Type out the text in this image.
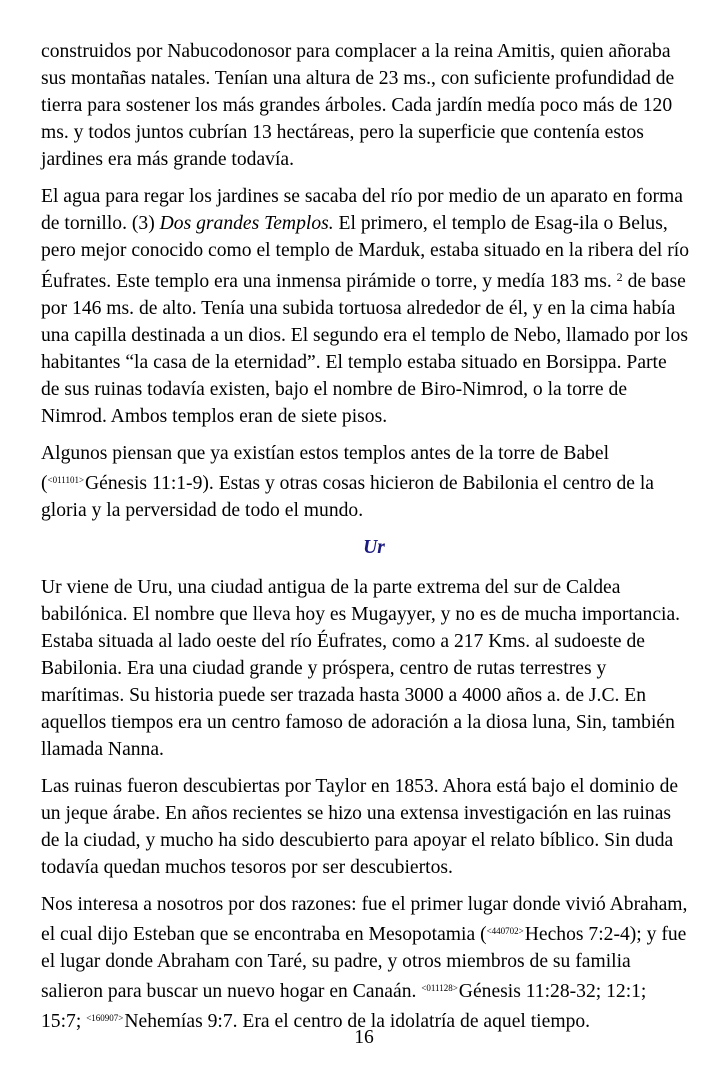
construidos por Nabucodonosor para complacer a la reina Amitis, quien añoraba sus montañas natales. Tenían una altura de 23 ms., con suficiente profundidad de tierra para sostener los más grandes árboles. Cada jardín medía poco más de 120 ms. y todos juntos cubrían 13 hectáreas, pero la superficie que contenía estos jardines era más grande todavía.

El agua para regar los jardines se sacaba del río por medio de un aparato en forma de tornillo. (3) Dos grandes Templos. El primero, el templo de Esag-ila o Belus, pero mejor conocido como el templo de Marduk, estaba situado en la ribera del río Éufrates. Este templo era una inmensa pirámide o torre, y medía 183 ms. $^2$ de base por 146 ms. de alto. Tenía una subida tortuosa alrededor de él, y en la cima había una capilla destinada a un dios. El segundo era el templo de Nebo, llamado por los habitantes “la casa de la eternidad”. El templo estaba situado en Borsippa. Parte de sus ruinas todavía existen, bajo el nombre de Biro-Nimrod, o la torre de Nimrod. Ambos templos eran de siete pisos.

Algunos piensan que ya existían estos templos antes de la torre de Babel ($^{<011101>}$Génesis 11:1-9). Estas y otras cosas hicieron de Babilonia el centro de la gloria y la perversidad de todo el mundo.

Ur

Ur viene de Uru, una ciudad antigua de la parte extrema del sur de Caldea babilónica. El nombre que lleva hoy es Mugayyer, y no es de mucha importancia. Estaba situada al lado oeste del río Éufrates, como a 217 Kms. al sudoeste de Babilonia. Era una ciudad grande y próspera, centro de rutas terrestres y marítimas. Su historia puede ser trazada hasta 3000 a 4000 años a. de J.C. En aquellos tiempos era un centro famoso de adoración a la diosa luna, Sin, también llamada Nanna.

Las ruinas fueron descubiertas por Taylor en 1853. Ahora está bajo el dominio de un jeque árabe. En años recientes se hizo una extensa investigación en las ruinas de la ciudad, y mucho ha sido descubierto para apoyar el relato bíblico. Sin duda todavía quedan muchos tesoros por ser descubiertos.

Nos interesa a nosotros por dos razones: fue el primer lugar donde vivió Abraham, el cual dijo Esteban que se encontraba en Mesopotamia ($^{<440702>}$Hechos 7:2-4); y fue el lugar donde Abraham con Taré, su padre, y otros miembros de su familia salieron para buscar un nuevo hogar en Canaán. $^{<011128>}$Génesis 11:28-32; 12:1; 15:7; $^{<160907>}$Nehemías 9:7. Era el centro de la idolatría de aquel tiempo.

16
